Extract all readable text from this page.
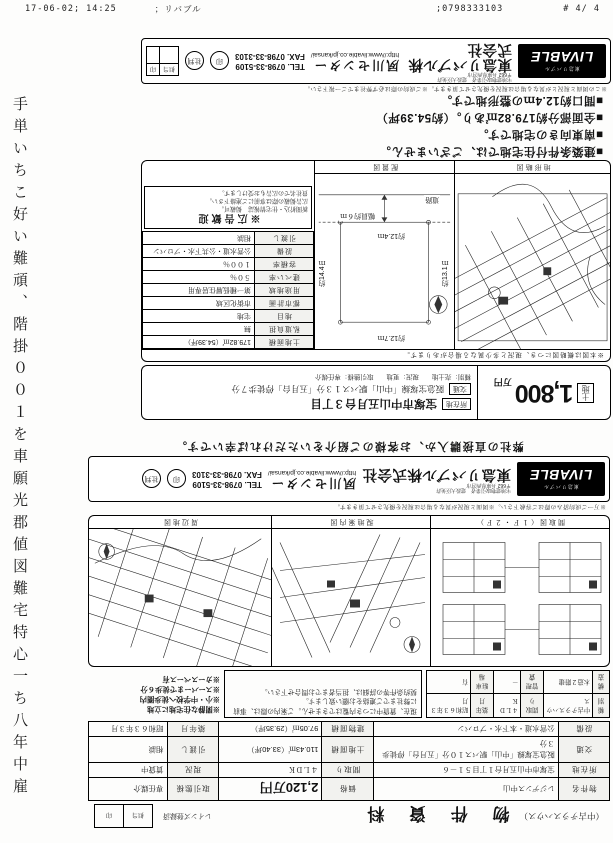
17-06-02; 14:25	；リバブル	;0798333103	# 4/ 4
手単いちこ好い難頑、階掛００１を車願光郡値図難宅特心一ち八年中雇	土地
1,800
万円
所在地
宝塚市中山五月台３丁目
交通
阪急宝塚線「中山」駅バス１３分「五月台」停徒歩７分
種別：売土地　　現況：更地　　取引態様：専任媒介
※本図は概略図につき、現況と多少異なる場合があります。
地形略図
約12.7ｍ
約13.1ｍ
約14.4ｍ
約12.4ｍ
幅員約６ｍ
道路
配置図
土地面積	179.82㎡（54.39坪）
私道負担	無
地目	宅地
都市計画	市街化区域
用途地域	第一種低層住居専用
建ぺい率	５０％
容積率	１００％
設備	公営水道・公共下水・プロパン
引渡し	相談
※広告歓迎
新聞折込・住宅情報誌　掲載可。
広告掲載の際は事前にご連絡下さい。
貴社名での広告もお受けします。
■建築条件付住宅地では、ございません。
■南東向きの宅地です。
■全面部分約179.82㎡あり。（約54.39坪）
■間口約12.4ｍの整形地です。
※この図面と現況とが異なる場合は現況を優先させて頂きます。※ご成約の際は必ず弊社までご一報下さい。
東急リバブル
LIVABLE
宅地建物取引業者　建設大臣免許
〒662 兵庫県西宮市
東急リバブル株式会社
夙川センター
http://www.livable.co.jp/kansai/
TEL. 0798-33-5109
FAX. 0798-33-3103
印
社判
担当	印

（中古テラスハウス）
物 件 資 料
レインズ登録済
担当	印
物件名	レジデンス中山	価格	2,120万円	取引態様	専任媒介
所在地	宝塚市中山五月台１丁目５１－６	間取り	４ＬＤＫ	現況	賃貸中
交通	阪急宝塚線「中山」駅バス１０分「五月台」停徒歩３分	土地面積	110.43㎡（33.40坪）	引渡し	相談
設備	公営水道・本下水・プロパン	建物面積	97.05㎡（29.35坪）	築年月	昭和６３年３月
種別	中古テラスハウス	間取り	４ＬＤＫ	築年月	昭和６３年３月
構造	木造２階建	管理費	－	駐車場	有
現在、賃貸中につき内覧はできません。ご案内の際は、事前に弊社までご連絡をお願い致します。
契約条件等の詳細は、担当者までお問合せ下さい。
※閑静な住宅地に立地
※小・中学校へ徒歩圏内
※スーパーまで徒歩６分
※カースペース有
間取図（１Ｆ・２Ｆ）
現地案内図
周辺地図
※万一ご成約済みの際はご容赦下さい。※図面と現況が異なる場合は現況を優先させて頂きます。
東急リバブル
LIVABLE
宅地建物取引業者　建設大臣免許
〒662 兵庫県西宮市
東急リバブル株式会社
夙川センター
http://www.livable.co.jp/kansai/
TEL. 0798-33-5109
FAX. 0798-33-3103
印
社判
弊社の直接購入か、お客様のご紹介をいただければ幸いです。
